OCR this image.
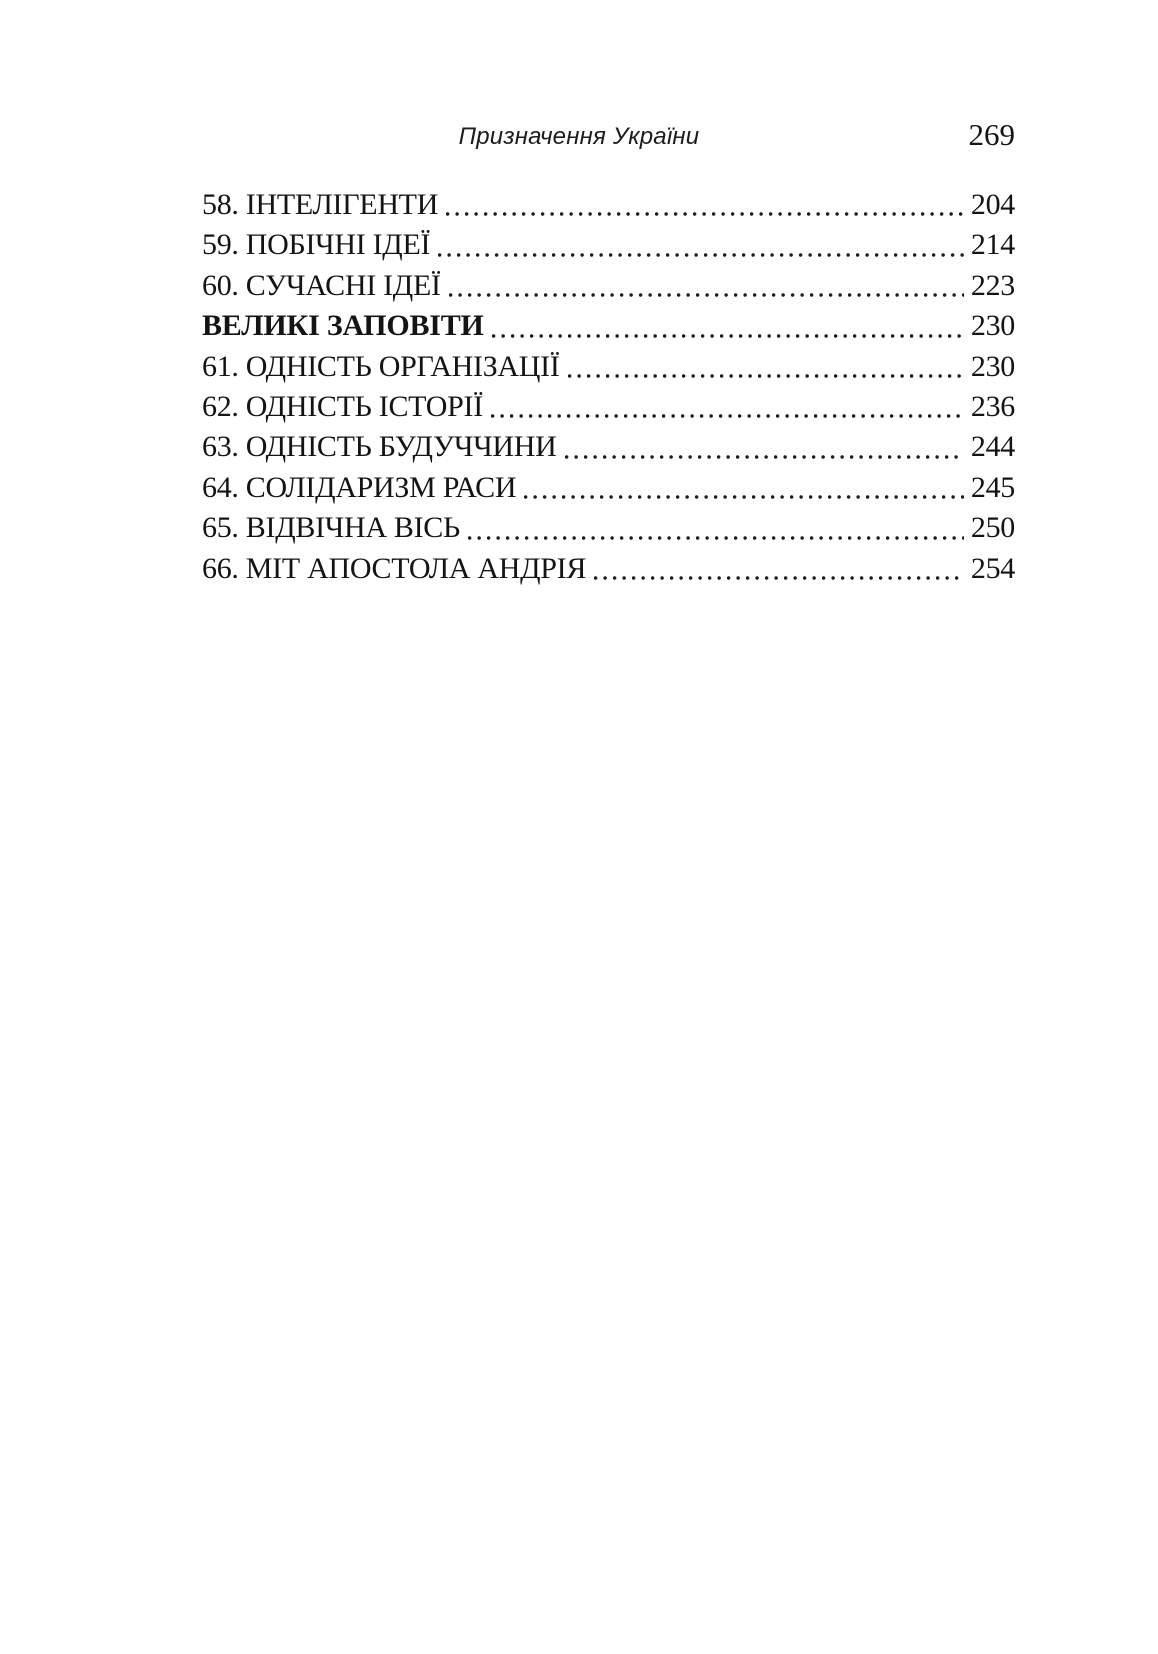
Призначення України	269
58. ІНТЕЛІГЕНТИ	204
59. ПОБІЧНІ ІДЕЇ	214
60. СУЧАСНІ ІДЕЇ	223
ВЕЛИКІ ЗАПОВІТИ	230
61. ОДНІСТЬ ОРГАНІЗАЦІЇ	230
62. ОДНІСТЬ ІСТОРІЇ	236
63. ОДНІСТЬ БУДУЧЧИНИ	244
64. СОЛІДАРИЗМ РАСИ	245
65. ВІДВІЧНА ВІСЬ	250
66. МІТ АПОСТОЛА АНДРІЯ	254
